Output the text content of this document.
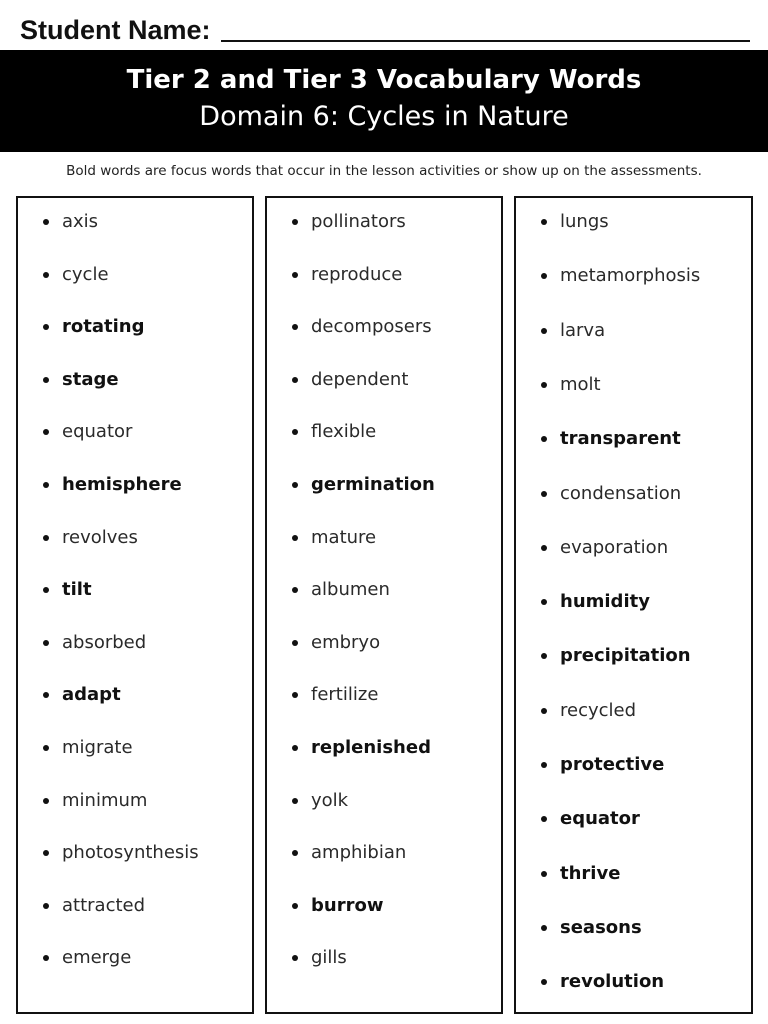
Student Name:
Tier 2 and Tier 3 Vocabulary Words
Domain 6: Cycles in Nature
Bold words are focus words that occur in the lesson activities or show up on the assessments.
axis
cycle
rotating
stage
equator
hemisphere
revolves
tilt
absorbed
adapt
migrate
minimum
photosynthesis
attracted
emerge
pollinators
reproduce
decomposers
dependent
flexible
germination
mature
albumen
embryo
fertilize
replenished
yolk
amphibian
burrow
gills
lungs
metamorphosis
larva
molt
transparent
condensation
evaporation
humidity
precipitation
recycled
protective
equator
thrive
seasons
revolution
